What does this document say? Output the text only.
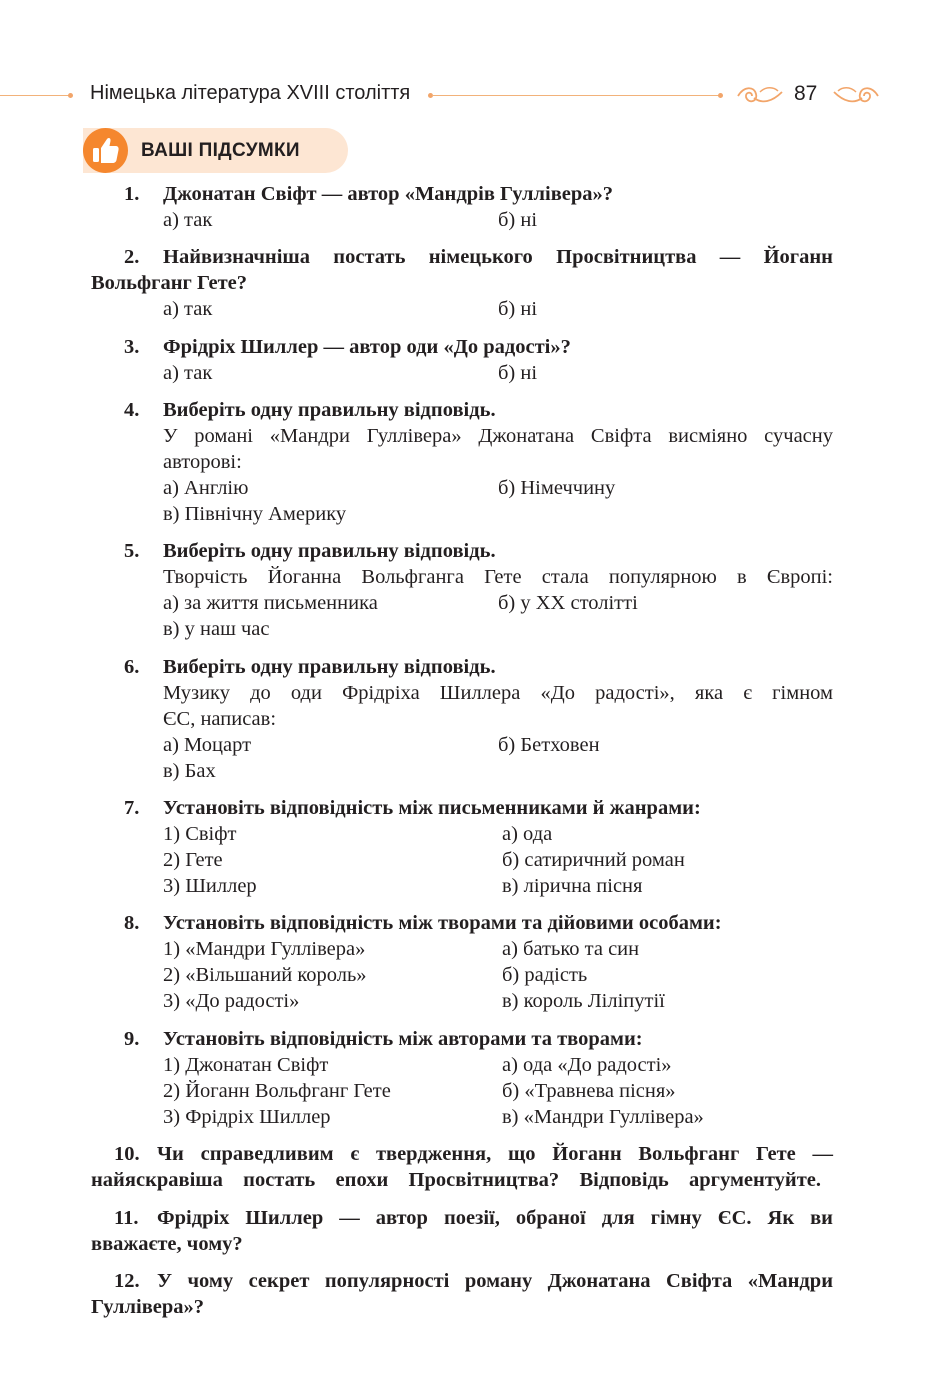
Німецька література XVIII століття	87
ВАШІ ПІДСУМКИ
1. Джонатан Свіфт — автор «Мандрів Гуллівера»?
а) так	б) ні
2. Найвизначніша постать німецького Просвітництва — Йоганн
Вольфганг Гете?
а) так	б) ні
3. Фрідріх Шиллер — автор оди «До радості»?
а) так	б) ні
4. Виберіть одну правильну відповідь.
У романі «Мандри Гуллівера» Джонатана Свіфта висміяно сучасну
авторові:
а) Англію	б) Німеччину
в) Північну Америку
5. Виберіть одну правильну відповідь.
Творчість Йоганна Вольфганга Гете стала популярною в Європі:
а) за життя письменника	б) у ХХ столітті
в) у наш час
6. Виберіть одну правильну відповідь.
Музику до оди Фрідріха Шиллера «До радості», яка є гімном
ЄС, написав:
а) Моцарт	б) Бетховен
в) Бах
7. Установіть відповідність між письменниками й жанрами:
1) Свіфт	а) ода
2) Гете	б) сатиричний роман
3) Шиллер	в) лірична пісня
8. Установіть відповідність між творами та дійовими особами:
1) «Мандри Гуллівера»	а) батько та син
2) «Вільшаний король»	б) радість
3) «До радості»	в) король Ліліпутії
9. Установіть відповідність між авторами та творами:
1) Джонатан Свіфт	а) ода «До радості»
2) Йоганн Вольфганг Гете	б) «Травнева пісня»
3) Фрідріх Шиллер	в) «Мандри Гуллівера»
10. Чи справедливим є твердження, що Йоганн Вольфганг Гете —
найяскравіша постать епохи Просвітництва? Відповідь аргументуйте.
11. Фрідріх Шиллер — автор поезії, обраної для гімну ЄС. Як ви
вважаєте, чому?
12. У чому секрет популярності роману Джонатана Свіфта «Мандри
Гуллівера»?
